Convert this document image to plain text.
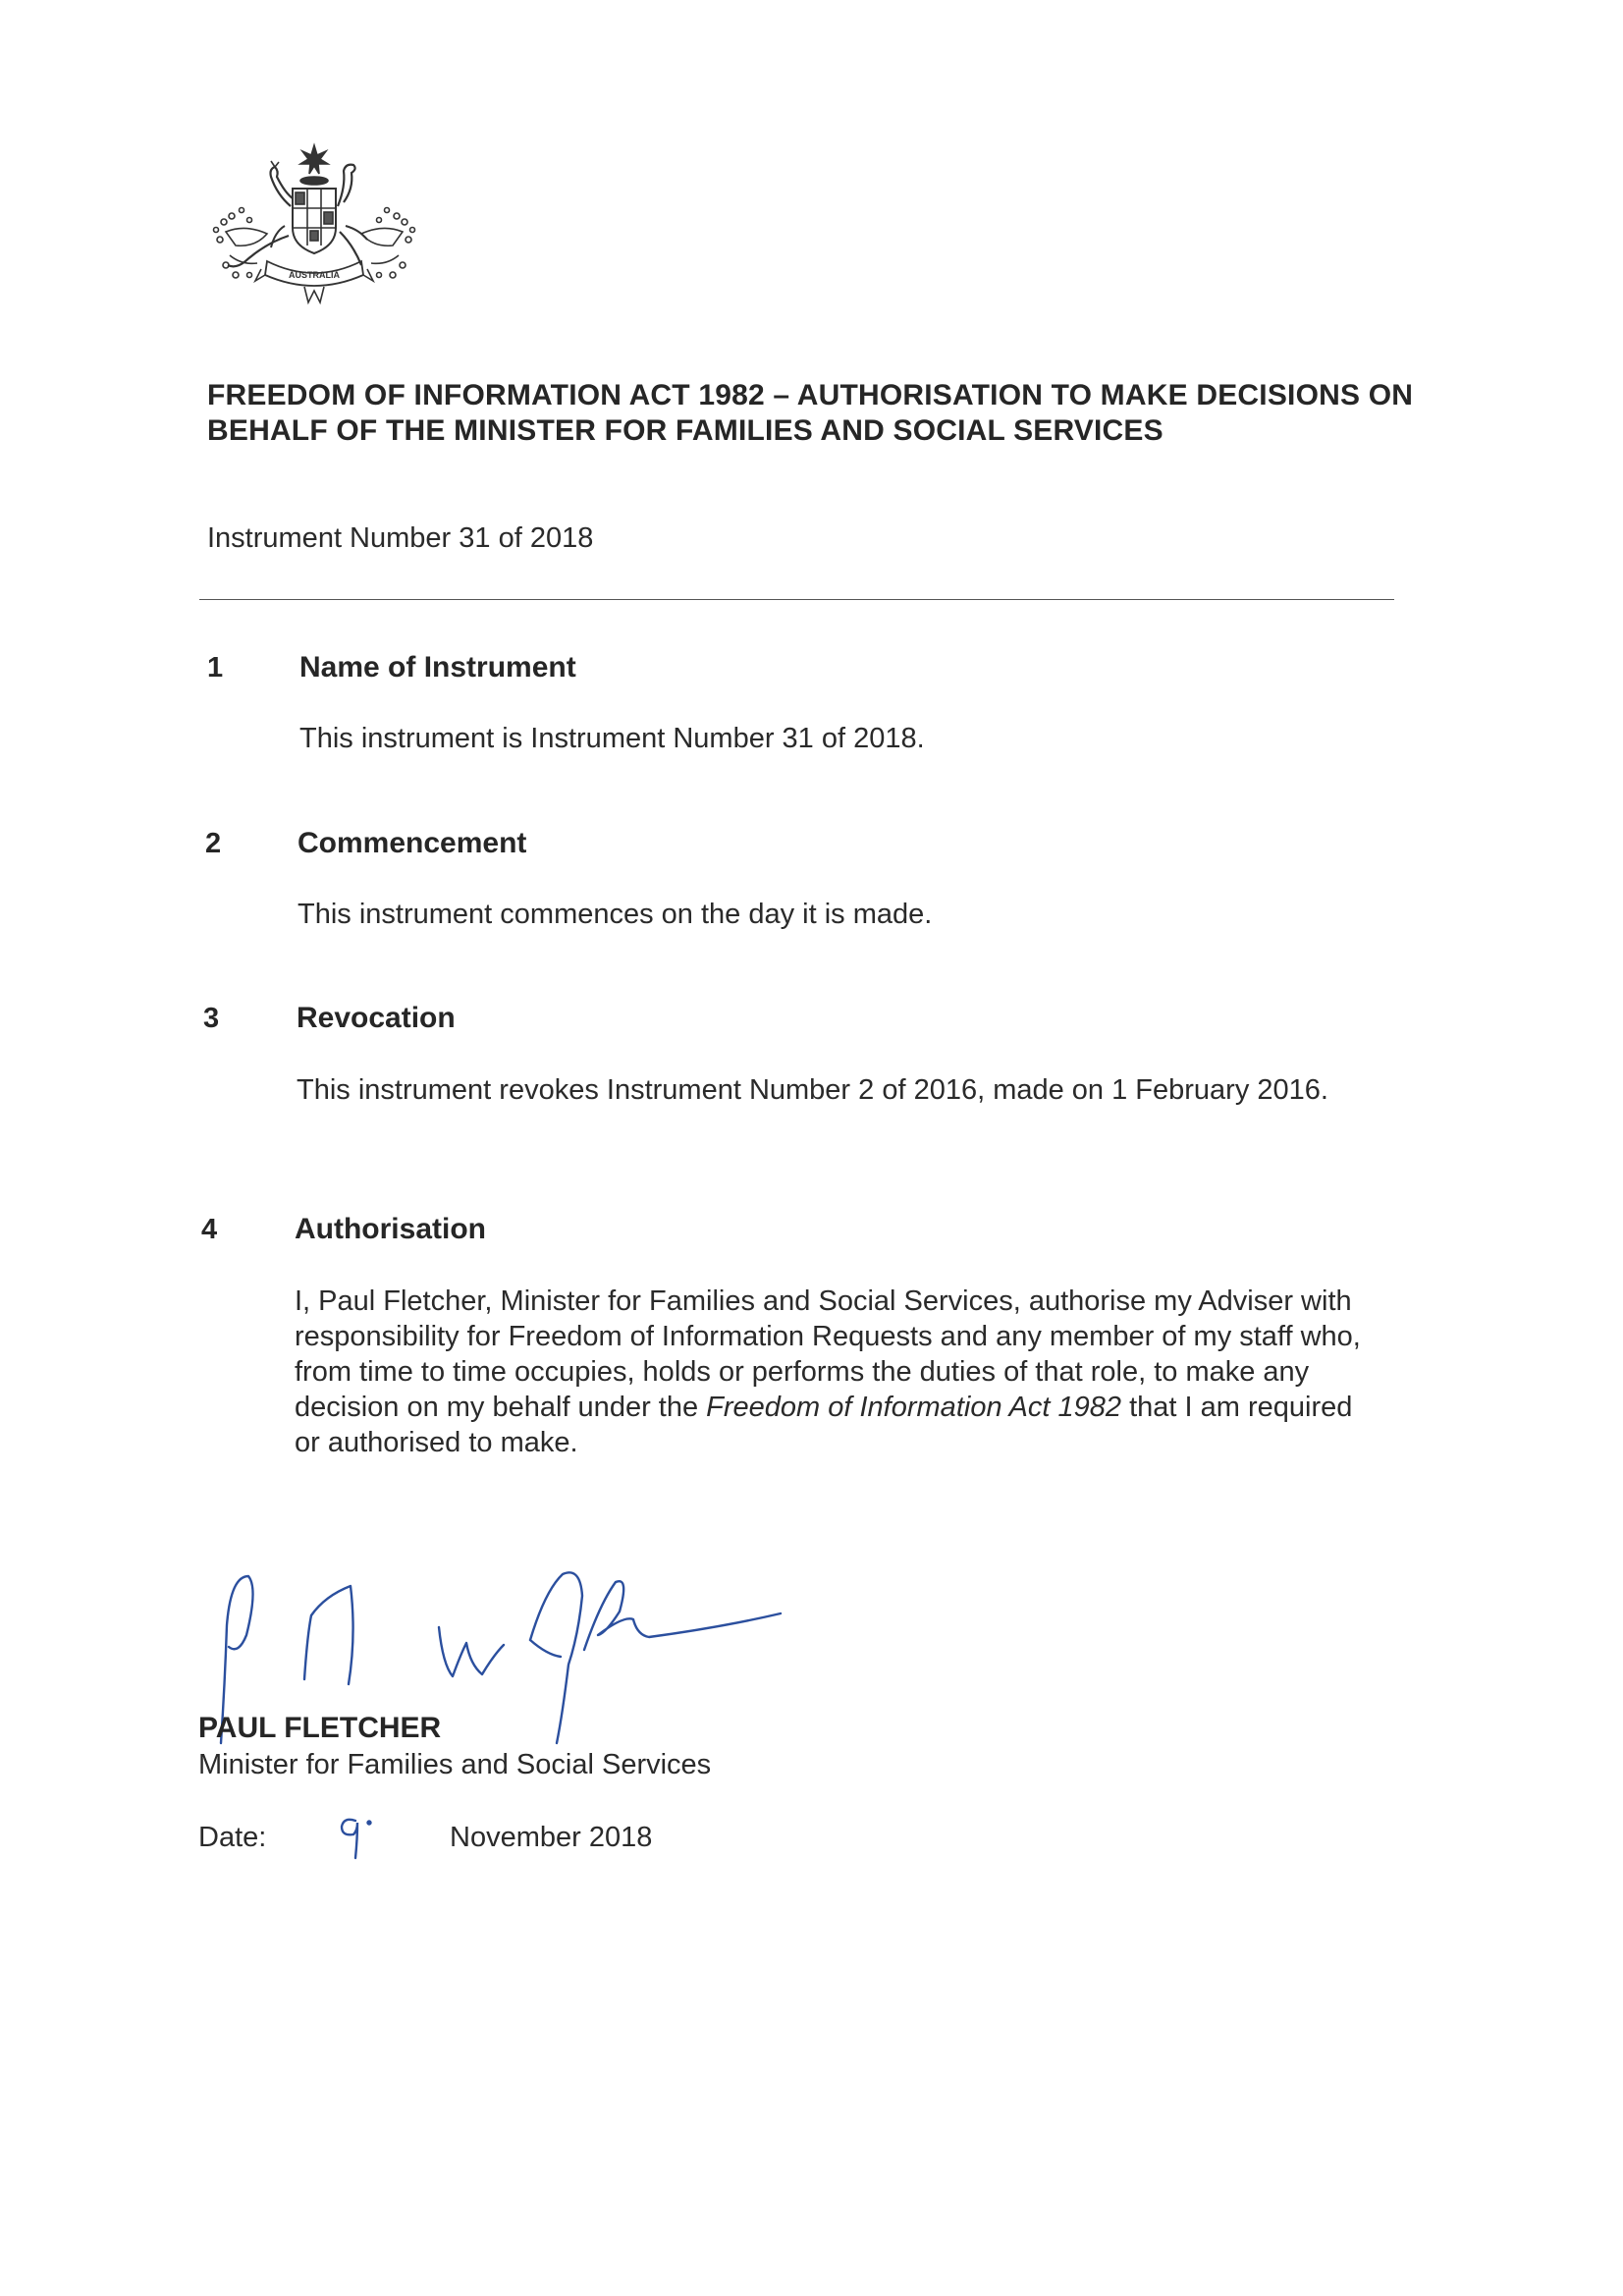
AUSTRALIA
FREEDOM OF INFORMATION ACT 1982 – AUTHORISATION TO MAKE DECISIONS ON BEHALF OF THE MINISTER FOR FAMILIES AND SOCIAL SERVICES
Instrument Number 31 of 2018
1	Name of Instrument
This instrument is Instrument Number 31 of 2018.
2	Commencement
This instrument commences on the day it is made.
3	Revocation
This instrument revokes Instrument Number 2 of 2016, made on 1 February 2016.
4	Authorisation
I, Paul Fletcher, Minister for Families and Social Services, authorise my Adviser with responsibility for Freedom of Information Requests and any member of my staff who, from time to time occupies, holds or performs the duties of that role, to make any decision on my behalf under the Freedom of Information Act 1982 that I am required or authorised to make.
PAUL FLETCHER
Minister for Families and Social Services
Date:	November 2018
